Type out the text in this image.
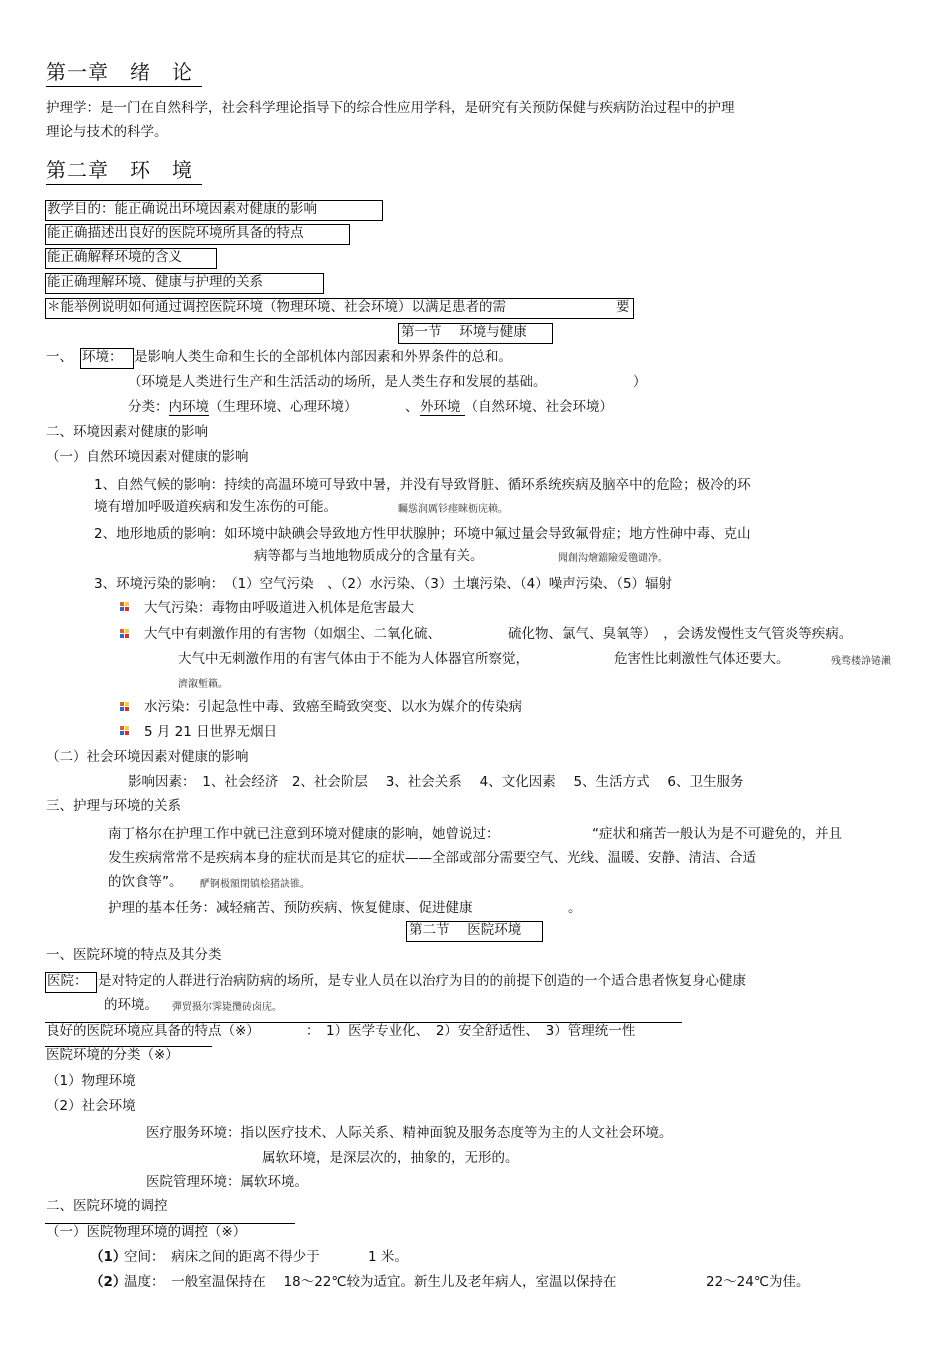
第一章　绪　论
护理学：是一门在自然科学，社会科学理论指导下的综合性应用学科，是研究有关预防保健与疾病防治过程中的护理
理论与技术的科学。
第二章　环　境
教学目的：能正确说出环境因素对健康的影响
能正确描述出良好的医院环境所具备的特点
能正确解释环境的含义
能正确理解环境、健康与护理的关系
＊能举例说明如何通过调控医院环境（物理环境、社会环境）以满足患者的需	要
第一节　 环境与健康
一、 环境： 是影响人类生命和生长的全部机体内部因素和外界条件的总和。
（环境是人类进行生产和生活活动的场所，是人类生存和发展的基础。	）
分类：内环境（生理环境、心理环境）	、 外环境 （自然环境、社会环境）
二、环境因素对健康的影响
（一）自然环境因素对健康的影响
1、自然气候的影响：持续的高温环境可导致中暑，并没有导致肾脏、循环系统疾病及脑卒中的危险；极冷的环
境有增加呼吸道疾病和发生冻伤的可能。	矚慫润厲钐瘗睞枥庑赖。
2、地形地质的影响：如环境中缺碘会导致地方性甲状腺肿；环境中氟过量会导致氟骨症；地方性砷中毒、克山
病等都与当地地物质成分的含量有关。	聞創沟燴鐺險爱氇谴净。
3、环境污染的影响：　（1）空气污染　、（2）水污染、（3）土壤污染、（4）噪声污染、（5）辐射
大气污染：毒物由呼吸道进入机体是危害最大
大气中有刺激作用的有害物（如烟尘、二氧化硫、	硫化物、氯气、臭氧等）　，会诱发慢性支气管炎等疾病。
大气中无刺激作用的有害气体由于不能为人体器官所察觉，	危害性比刺激性气体还要大。	残骛楼諍锩瀨
濟溆塹籟。
水污染：引起急性中毒、致癌至畸致突变、以水为媒介的传染病
5 月 21 日世界无烟日
（二）社会环境因素对健康的影响
影响因素：　1、社会经济　2、社会阶层　 3、社会关系　 4、文化因素　 5、生活方式　 6、卫生服务
三、护理与环境的关系
南丁格尔在护理工作中就已注意到环境对健康的影响，她曾说过：	“症状和痛苦一般认为是不可避免的，并且
发生疾病常常不是疾病本身的症状而是其它的症状——全部或部分需要空气、光线、温暖、安静、清洁、合适
的饮食等”。 酽锕极額閉镇桧猪訣锥。
护理的基本任务：减轻痛苦、预防疾病、恢复健康、促进健康	。
第二节　 医院环境
一、医院环境的特点及其分类
医院： 是对特定的人群进行治病防病的场所，是专业人员在以治疗为目的的前提下创造的一个适合患者恢复身心健康
的环境。 彈贸摄尔霁毙攬砖卤庑。
良好的医院环境应具备的特点（※）	： 1）医学专业化、　2）安全舒适性、　3）管理统一性
医院环境的分类（※）
（1）物理环境
（2）社会环境
医疗服务环境：指以医疗技术、人际关系、精神面貌及服务态度等为主的人文社会环境。
属软环境，是深层次的，抽象的，无形的。
医院管理环境：属软环境。
二、医院环境的调控
（一）医院物理环境的调控（※）
（1）
空间：　病床之间的距离不得少于	1 米。
（2）
温度：　一般室温保持在　 18～22℃较为适宜。新生儿及老年病人，室温以保持在	22～24℃为佳。
